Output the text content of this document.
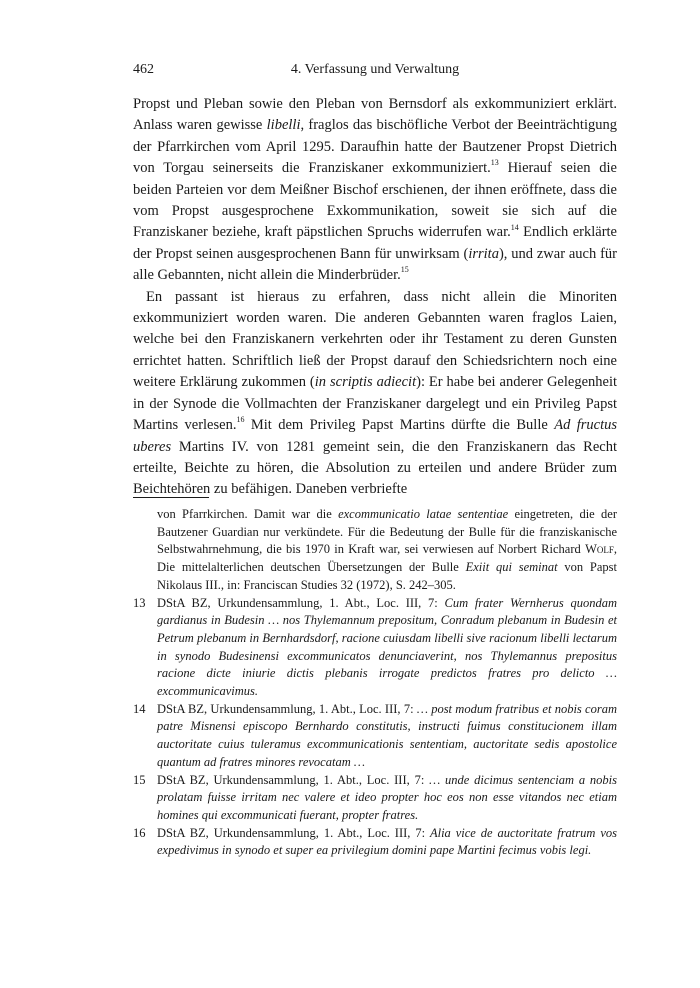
462	4. Verfassung und Verwaltung

Propst und Pleban sowie den Pleban von Bernsdorf als exkommuniziert erklärt. Anlass waren gewisse libelli, fraglos das bischöfliche Verbot der Beeinträchtigung der Pfarrkirchen vom April 1295. Daraufhin hatte der Bautzener Propst Dietrich von Torgau seinerseits die Franziskaner exkommuniziert.$^{13}$ Hierauf seien die beiden Parteien vor dem Meißner Bischof erschienen, der ihnen eröffnete, dass die vom Propst ausgesprochene Exkommunikation, soweit sie sich auf die Franziskaner beziehe, kraft päpstlichen Spruchs widerrufen war.$^{14}$ Endlich erklärte der Propst seinen ausgesprochenen Bann für unwirksam (irrita), und zwar auch für alle Gebannten, nicht allein die Minderbrüder.$^{15}$

En passant ist hieraus zu erfahren, dass nicht allein die Minoriten exkommuniziert worden waren. Die anderen Gebannten waren fraglos Laien, welche bei den Franziskanern verkehrten oder ihr Testament zu deren Gunsten errichtet hatten. Schriftlich ließ der Propst darauf den Schiedsrichtern noch eine weitere Erklärung zukommen (in scriptis adiecit): Er habe bei anderer Gelegenheit in der Synode die Vollmachten der Franziskaner dargelegt und ein Privileg Papst Martins verlesen.$^{16}$ Mit dem Privileg Papst Martins dürfte die Bulle Ad fructus uberes Martins IV. von 1281 gemeint sein, die den Franziskanern das Recht erteilte, Beichte zu hören, die Absolution zu erteilen und andere Brüder zum Beichtehören zu befähigen. Daneben verbriefte

von Pfarrkirchen. Damit war die excommunicatio latae sententiae eingetreten, die der Bautzener Guardian nur verkündete. Für die Bedeutung der Bulle für die franziskanische Selbstwahrnehmung, die bis 1970 in Kraft war, sei verwiesen auf Norbert Richard Wolf, Die mittelalterlichen deutschen Übersetzungen der Bulle Exiit qui seminat von Papst Nikolaus III., in: Franciscan Studies 32 (1972), S. 242–305.

13 DStA BZ, Urkundensammlung, 1. Abt., Loc. III, 7: Cum frater Wernherus quondam gardianus in Budesin … nos Thylemannum prepositum, Conradum plebanum in Budesin et Petrum plebanum in Bernhardsdorf, racione cuiusdam libelli sive racionum libelli lectarum in synodo Budesinensi excommunicatos denunciaverint, nos Thylemannus prepositus racione dicte iniurie dictis plebanis irrogate predictos fratres pro delicto … excommunicavimus.
14 DStA BZ, Urkundensammlung, 1. Abt., Loc. III, 7: … post modum fratribus et nobis coram patre Misnensi episcopo Bernhardo constitutis, instructi fuimus constitucionem illam auctoritate cuius tuleramus excommunicationis sententiam, auctoritate sedis apostolice quantum ad fratres minores revocatam …
15 DStA BZ, Urkundensammlung, 1. Abt., Loc. III, 7: … unde dicimus sentenciam a nobis prolatam fuisse irritam nec valere et ideo propter hoc eos non esse vitandos nec etiam homines qui excommunicati fuerant, propter fratres.
16 DStA BZ, Urkundensammlung, 1. Abt., Loc. III, 7: Alia vice de auctoritate fratrum vos expedivimus in synodo et super ea privilegium domini pape Martini fecimus vobis legi.
